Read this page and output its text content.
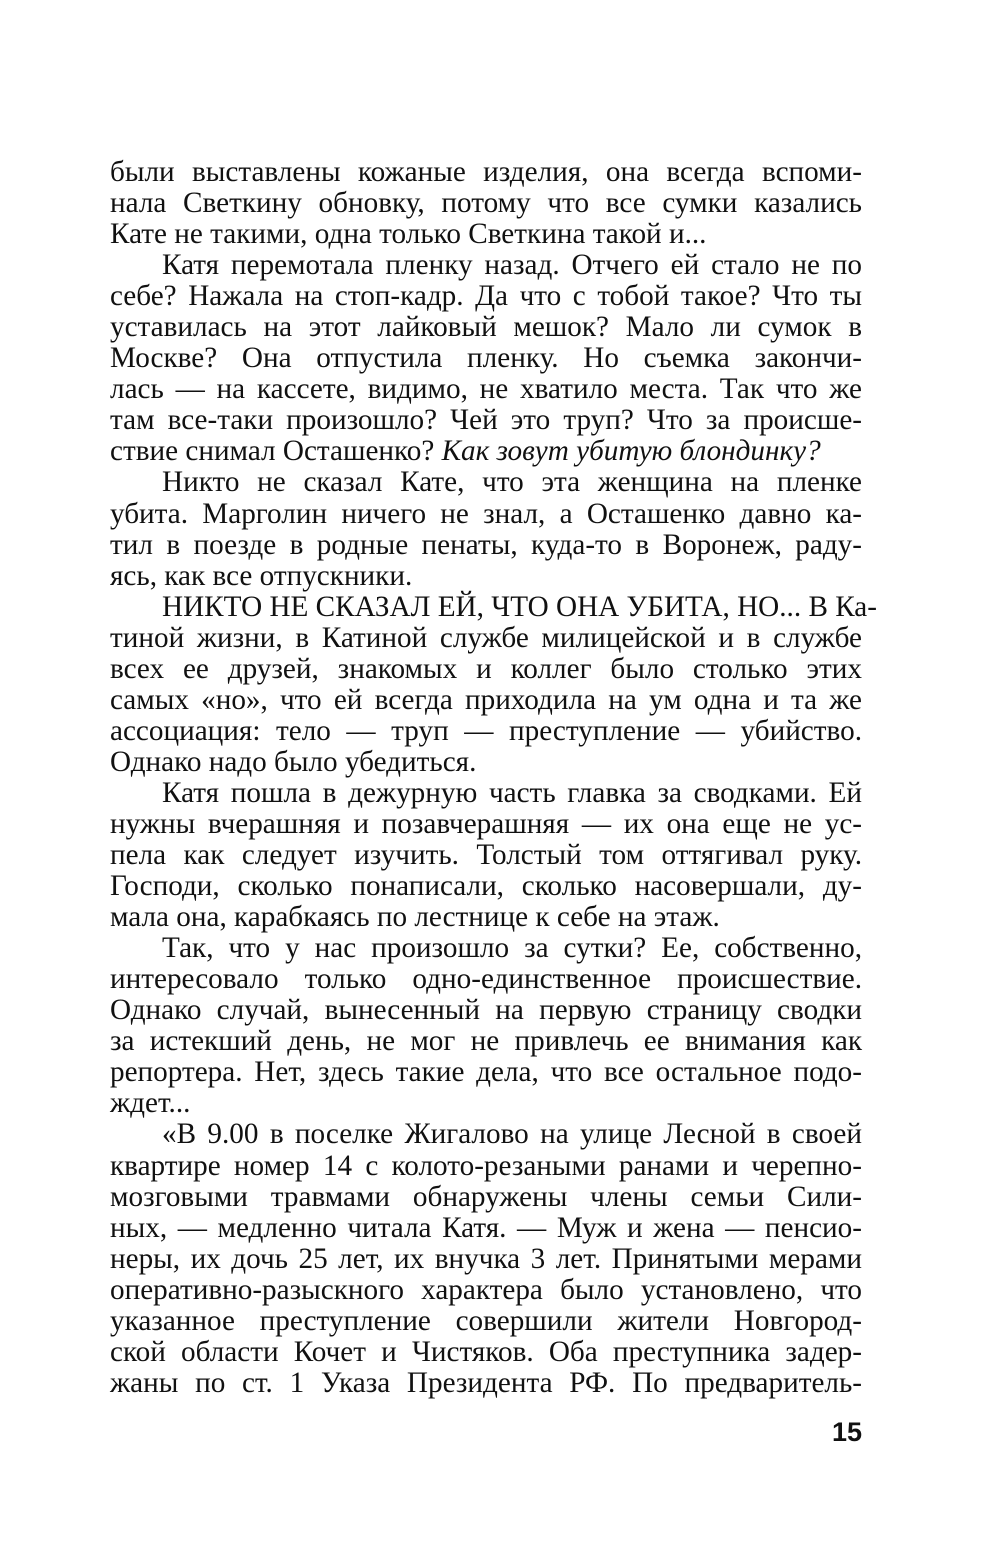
были выставлены кожаные изделия, она всегда вспоми-
нала Светкину обновку, потому что все сумки казались
Кате не такими, одна только Светкина такой и...
Катя перемотала пленку назад. Отчего ей стало не по
себе? Нажала на стоп-кадр. Да что с тобой такое? Что ты
уставилась на этот лайковый мешок? Мало ли сумок в
Москве? Она отпустила пленку. Но съемка закончи-
лась — на кассете, видимо, не хватило места. Так что же
там все-таки произошло? Чей это труп? Что за происше-
ствие снимал Осташенко? Как зовут убитую блондинку?
Никто не сказал Кате, что эта женщина на пленке
убита. Марголин ничего не знал, а Осташенко давно ка-
тил в поезде в родные пенаты, куда-то в Воронеж, раду-
ясь, как все отпускники.
НИКТО НЕ СКАЗАЛ ЕЙ, ЧТО ОНА УБИТА, НО... В Ка-
тиной жизни, в Катиной службе милицейской и в службе
всех ее друзей, знакомых и коллег было столько этих
самых «но», что ей всегда приходила на ум одна и та же
ассоциация: тело — труп — преступление — убийство.
Однако надо было убедиться.
Катя пошла в дежурную часть главка за сводками. Ей
нужны вчерашняя и позавчерашняя — их она еще не ус-
пела как следует изучить. Толстый том оттягивал руку.
Господи, сколько понаписали, сколько насовершали, ду-
мала она, карабкаясь по лестнице к себе на этаж.
Так, что у нас произошло за сутки? Ее, собственно,
интересовало только одно-единственное происшествие.
Однако случай, вынесенный на первую страницу сводки
за истекший день, не мог не привлечь ее внимания как
репортера. Нет, здесь такие дела, что все остальное подо-
ждет...
«В 9.00 в поселке Жигалово на улице Лесной в своей
квартире номер 14 с колото-резаными ранами и черепно-
мозговыми травмами обнаружены члены семьи Сили-
ных, — медленно читала Катя. — Муж и жена — пенсио-
неры, их дочь 25 лет, их внучка 3 лет. Принятыми мерами
оперативно-разыскного характера было установлено, что
указанное преступление совершили жители Новгород-
ской области Кочет и Чистяков. Оба преступника задер-
жаны по ст. 1 Указа Президента РФ. По предваритель-
15
